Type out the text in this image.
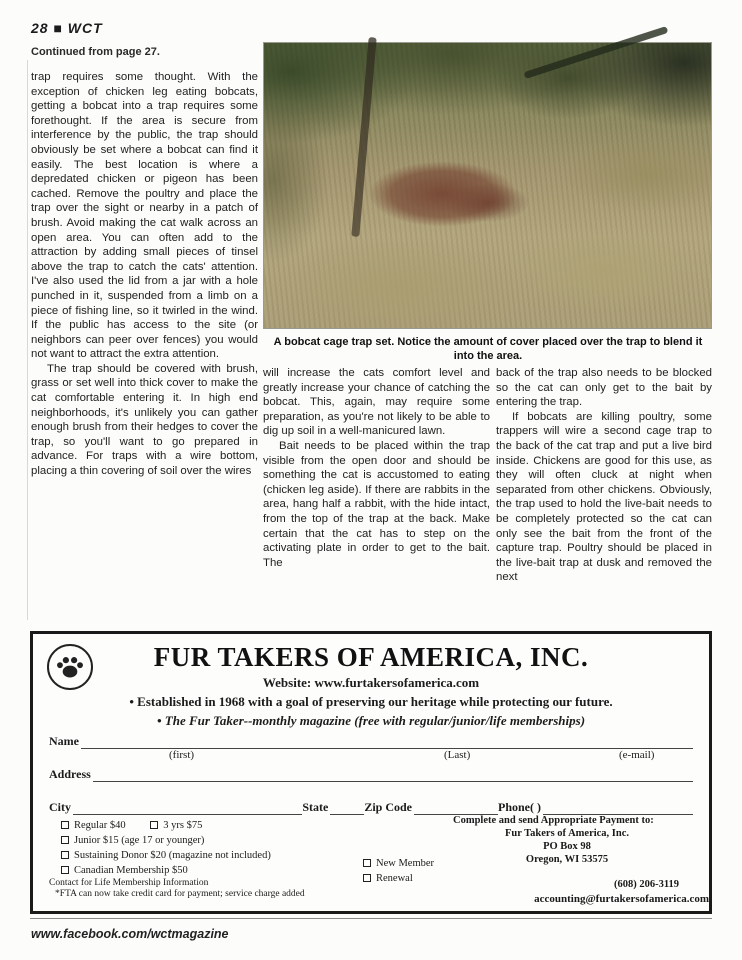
28 ■ WCT
Continued from page 27.

trap requires some thought. With the exception of chicken leg eating bobcats, getting a bobcat into a trap requires some forethought. If the area is secure from interference by the public, the trap should obviously be set where a bobcat can find it easily. The best location is where a depredated chicken or pigeon has been cached. Remove the poultry and place the trap over the sight or nearby in a patch of brush. Avoid making the cat walk across an open area. You can often add to the attraction by adding small pieces of tinsel above the trap to catch the cats' attention. I've also used the lid from a jar with a hole punched in it, suspended from a limb on a piece of fishing line, so it twirled in the wind. If the public has access to the site (or neighbors can peer over fences) you would not want to attract the extra attention.

The trap should be covered with brush, grass or set well into thick cover to make the cat comfortable entering it. In high end neighborhoods, it's unlikely you can gather enough brush from their hedges to cover the trap, so you'll want to go prepared in advance. For traps with a wire bottom, placing a thin covering of soil over the wires

A bobcat cage trap set. Notice the amount of cover placed over the trap to blend it into the area.

will increase the cats comfort level and greatly increase your chance of catching the bobcat. This, again, may require some preparation, as you're not likely to be able to dig up soil in a well-manicured lawn.

Bait needs to be placed within the trap visible from the open door and should be something the cat is accustomed to eating (chicken leg aside). If there are rabbits in the area, hang half a rabbit, with the hide intact, from the top of the trap at the back. Make certain that the cat has to step on the activating plate in order to get to the bait. The

back of the trap also needs to be blocked so the cat can only get to the bait by entering the trap.

If bobcats are killing poultry, some trappers will wire a second cage trap to the back of the cat trap and put a live bird inside. Chickens are good for this use, as they will often cluck at night when separated from other chickens. Obviously, the trap used to hold the live-bait needs to be completely protected so the cat can only see the bait from the front of the capture trap. Poultry should be placed in the live-bait trap at dusk and removed the next

FUR TAKERS OF AMERICA, INC.
Website: www.furtakersofamerica.com
• Established in 1968 with a goal of preserving our heritage while protecting our future.
• The Fur Taker--monthly magazine (free with regular/junior/life memberships)
Name
(first)	(Last)	(e-mail)
Address
City	State	Zip Code	Phone( )
Regular $40	3 yrs $75
Junior $15 (age 17 or younger)
Sustaining Donor $20 (magazine not included)
Canadian Membership $50
Contact for Life Membership Information
*FTA can now take credit card for payment; service charge added
New Member
Renewal
Complete and send Appropriate Payment to:
Fur Takers of America, Inc.
PO Box 98
Oregon, WI 53575
(608) 206-3119
accounting@furtakersofamerica.com
www.facebook.com/wctmagazine
